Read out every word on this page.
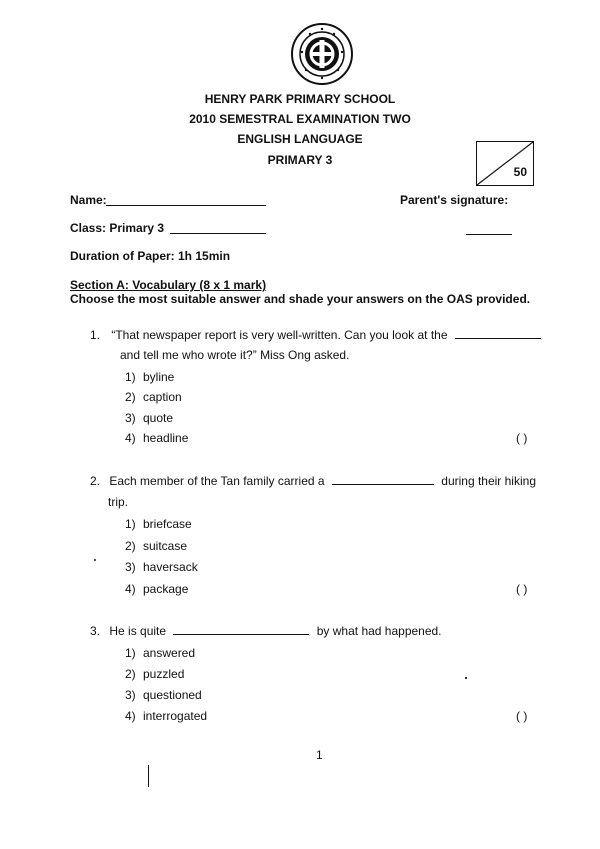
HENRY PARK PRIMARY SCHOOL
2010 SEMESTRAL EXAMINATION TWO
ENGLISH LANGUAGE
PRIMARY 3
50
Name:	Parent's signature:
Class: Primary 3
Duration of Paper: 1h 15min
Section A: Vocabulary (8 x 1 mark)
Choose the most suitable answer and shade your answers on the OAS provided.
1. “That newspaper report is very well-written. Can you look at the
and tell me who wrote it?” Miss Ong asked.
1) byline
2) caption
3) quote
4) headline	( )
2. Each member of the Tan family carried a	during their hiking
trip.
1) briefcase
2) suitcase
3) haversack
4) package	( )
3. He is quite	by what had happened.
1) answered
2) puzzled
3) questioned
4) interrogated	( )
1
